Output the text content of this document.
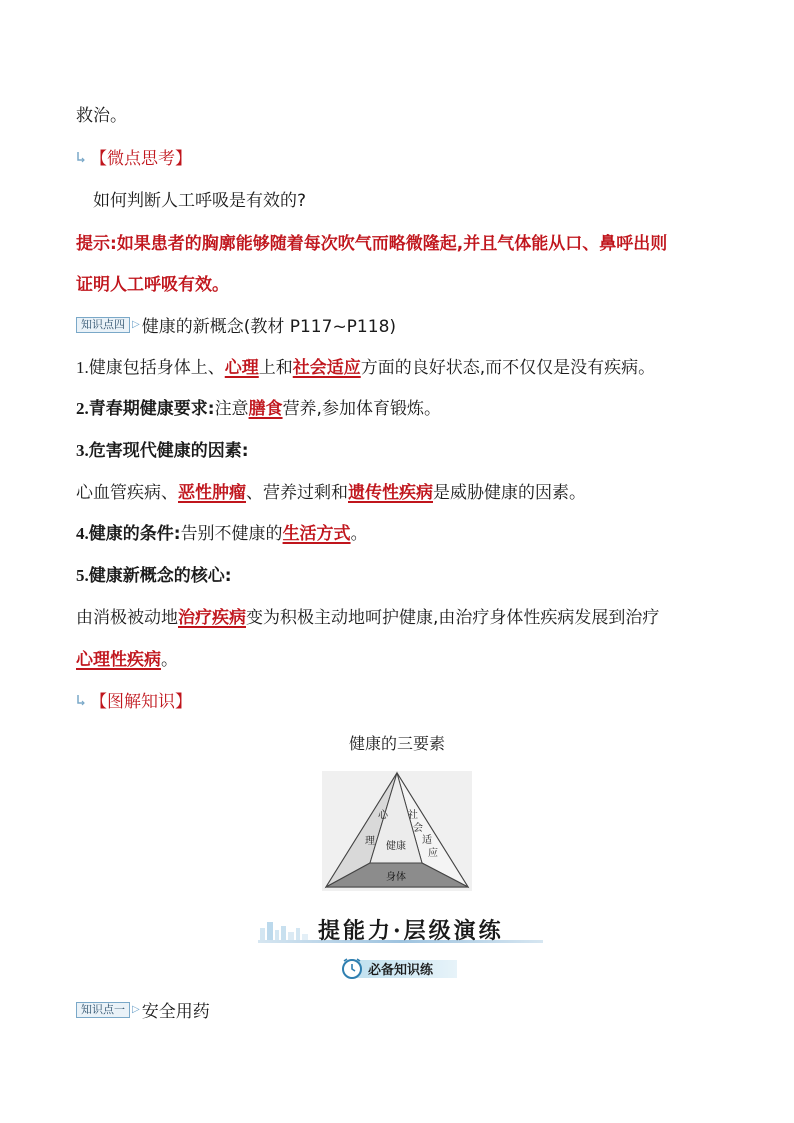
救治。
【微点思考】
如何判断人工呼吸是有效的?
提示:如果患者的胸廓能够随着每次吹气而略微隆起,并且气体能从口、鼻呼出则
证明人工呼吸有效。
知识点四 ▷ 健康的新概念(教材 P117~P118)
1.健康包括身体上、心理上和社会适应方面的良好状态,而不仅仅是没有疾病。
2.青春期健康要求:注意膳食营养,参加体育锻炼。
3.危害现代健康的因素:
心血管疾病、恶性肿瘤、营养过剩和遗传性疾病是威胁健康的因素。
4.健康的条件:告别不健康的生活方式。
5.健康新概念的核心:
由消极被动地治疗疾病变为积极主动地呵护健康,由治疗身体性疾病发展到治疗
心理性疾病。
【图解知识】
健康的三要素
心
理
社
会
适
应
健康
身体
提能力·层级演练
必备知识练
知识点一 ▷ 安全用药
